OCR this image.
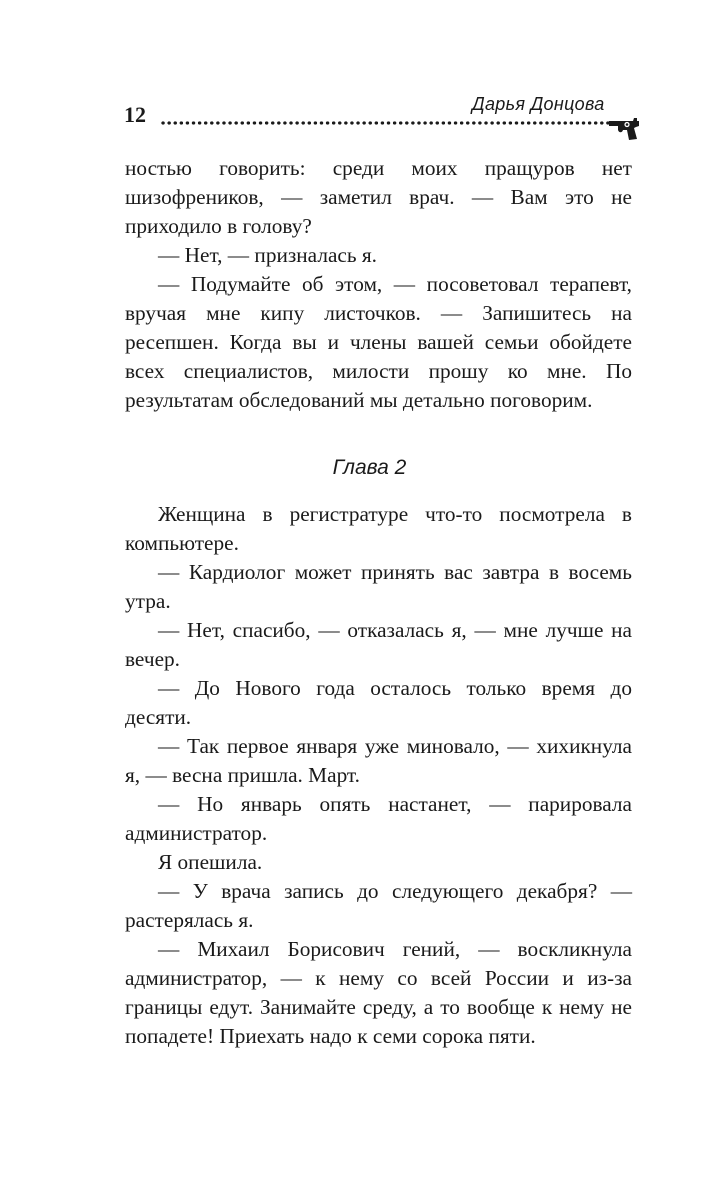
12	Дарья Донцова

ностью говорить: среди моих пращуров нет шизофреников, — заметил врач. — Вам это не приходило в голову?

— Нет, — призналась я.

— Подумайте об этом, — посоветовал терапевт, вручая мне кипу листочков. — Запишитесь на ресепшен. Когда вы и члены вашей семьи обойдете всех специалистов, милости прошу ко мне. По результатам обследований мы детально поговорим.

Глава 2

Женщина в регистратуре что-то посмотрела в компьютере.

— Кардиолог может принять вас завтра в восемь утра.

— Нет, спасибо, — отказалась я, — мне лучше на вечер.

— До Нового года осталось только время до десяти.

— Так первое января уже миновало, — хихикнула я, — весна пришла. Март.

— Но январь опять настанет, — парировала администратор.

Я опешила.

— У врача запись до следующего декабря? — растерялась я.

— Михаил Борисович гений, — воскликнула администратор, — к нему со всей России и из-за границы едут. Занимайте среду, а то вообще к нему не попадете! Приехать надо к семи сорока пяти.
